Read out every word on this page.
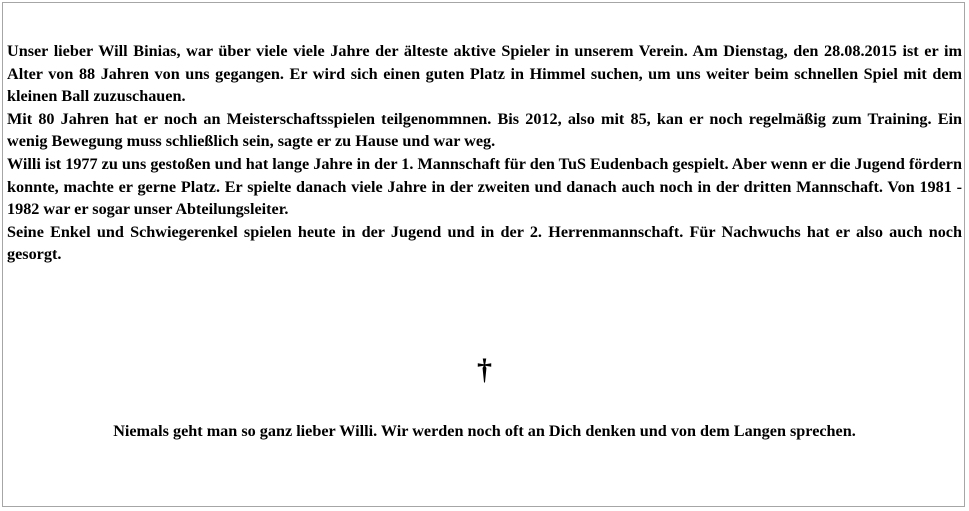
Unser lieber Will Binias, war über viele viele Jahre der älteste aktive Spieler in unserem Verein. Am Dienstag, den 28.08.2015 ist er im Alter von 88 Jahren von uns gegangen. Er wird sich einen guten Platz in Himmel suchen, um uns weiter beim schnellen Spiel mit dem kleinen Ball zuzuschauen.

Mit 80 Jahren hat er noch an Meisterschaftsspielen teilgenommnen. Bis 2012, also mit 85, kan er noch regelmäßig zum Training. Ein wenig Bewegung muss schließlich sein, sagte er zu Hause und war weg.

Willi ist 1977 zu uns gestoßen und hat lange Jahre in der 1. Mannschaft für den TuS Eudenbach gespielt. Aber wenn er die Jugend fördern konnte, machte er gerne Platz. Er spielte danach viele Jahre in der zweiten und danach auch noch in der dritten Mannschaft. Von 1981 - 1982 war er sogar unser Abteilungsleiter.

Seine Enkel und Schwiegerenkel spielen heute in der Jugend und in der 2. Herrenmannschaft. Für Nachwuchs hat er also auch noch gesorgt.

†
Niemals geht man so ganz lieber Willi. Wir werden noch oft an Dich denken und von dem Langen sprechen.
